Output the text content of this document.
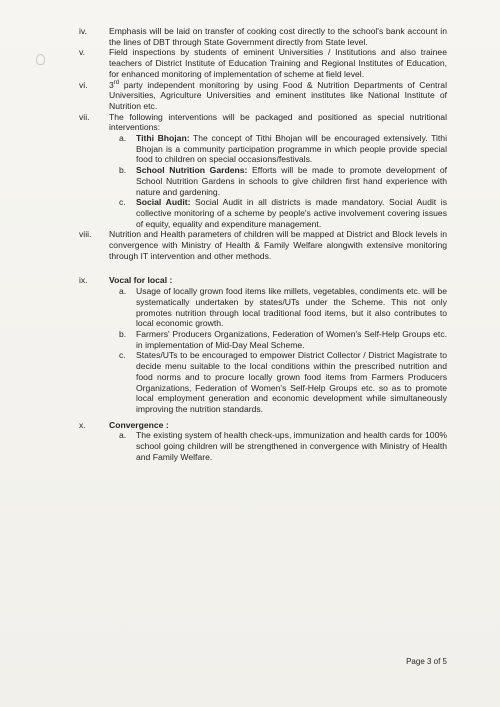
iv.	Emphasis will be laid on transfer of cooking cost directly to the school's bank account in the lines of DBT through State Government directly from State level.
v.	Field inspections by students of eminent Universities / Institutions and also trainee teachers of District Institute of Education Training and Regional Institutes of Education, for enhanced monitoring of implementation of scheme at field level.
vi.	3rd party independent monitoring by using Food & Nutrition Departments of Central Universities, Agriculture Universities and eminent institutes like National Institute of Nutrition etc.
vii.	The following interventions will be packaged and positioned as special nutritional interventions:
a.	Tithi Bhojan: The concept of Tithi Bhojan will be encouraged extensively. Tithi Bhojan is a community participation programme in which people provide special food to children on special occasions/festivals.
b.	School Nutrition Gardens: Efforts will be made to promote development of School Nutrition Gardens in schools to give children first hand experience with nature and gardening.
c.	Social Audit: Social Audit in all districts is made mandatory. Social Audit is collective monitoring of a scheme by people's active involvement covering issues of equity, equality and expenditure management.
viii.	Nutrition and Health parameters of children will be mapped at District and Block levels in convergence with Ministry of Health & Family Welfare alongwith extensive monitoring through IT intervention and other methods.
ix.	Vocal for local :
a.	Usage of locally grown food items like millets, vegetables, condiments etc. will be systematically undertaken by states/UTs under the Scheme. This not only promotes nutrition through local traditional food items, but it also contributes to local economic growth.
b.	Farmers' Producers Organizations, Federation of Women's Self-Help Groups etc. in implementation of Mid-Day Meal Scheme.
c.	States/UTs to be encouraged to empower District Collector / District Magistrate to decide menu suitable to the local conditions within the prescribed nutrition and food norms and to procure locally grown food items from Farmers Producers Organizations, Federation of Women's Self-Help Groups etc. so as to promote local employment generation and economic development while simultaneously improving the nutrition standards.
x.	Convergence :
a.	The existing system of health check-ups, immunization and health cards for 100% school going children will be strengthened in convergence with Ministry of Health and Family Welfare.
Page 3 of 5
